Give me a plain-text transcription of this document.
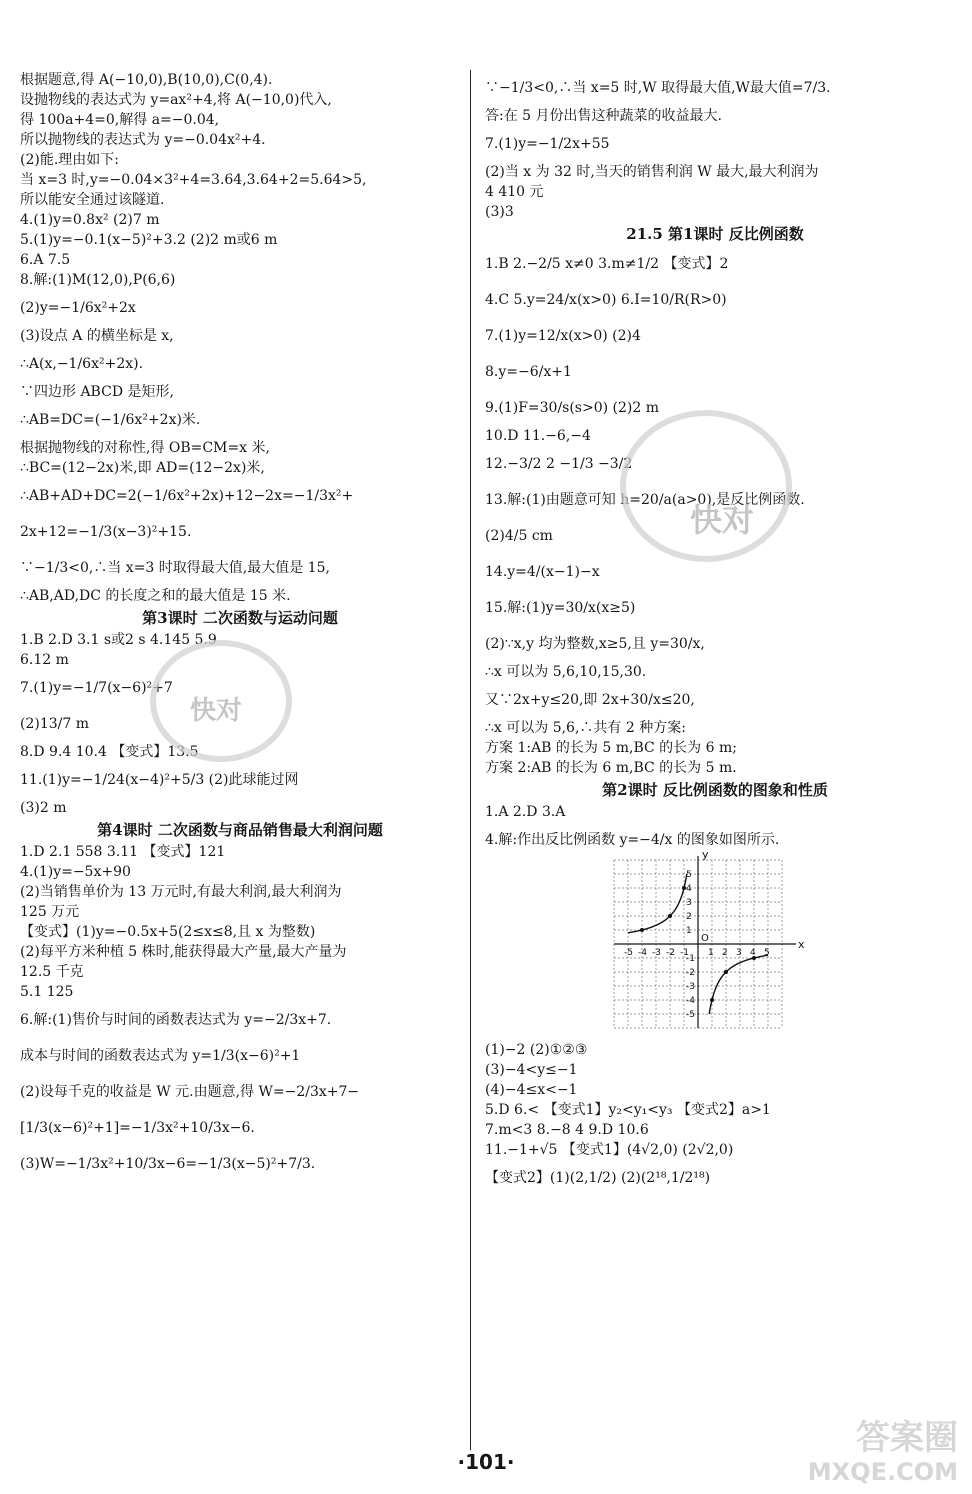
根据题意,得 A(−10,0),B(10,0),C(0,4).
设抛物线的表达式为 y=ax²+4,将 A(−10,0)代入,
得 100a+4=0,解得 a=−0.04,
所以抛物线的表达式为 y=−0.04x²+4.
(2)能.理由如下:
当 x=3 时,y=−0.04×3²+4=3.64,3.64+2=5.64>5,
所以能安全通过该隧道.
4.(1)y=0.8x² (2)7 m
5.(1)y=−0.1(x−5)²+3.2 (2)2 m或6 m
6.A 7.5
8.解:(1)M(12,0),P(6,6)
(2)y=−1/6x²+2x
(3)设点 A 的横坐标是 x,
∴A(x,−1/6x²+2x).
∵四边形 ABCD 是矩形,
∴AB=DC=(−1/6x²+2x)米.
根据抛物线的对称性,得 OB=CM=x 米,
∴BC=(12−2x)米,即 AD=(12−2x)米,
∴AB+AD+DC=2(−1/6x²+2x)+12−2x=−1/3x²+
2x+12=−1/3(x−3)²+15.
∵−1/3<0,∴当 x=3 时取得最大值,最大值是 15,
∴AB,AD,DC 的长度之和的最大值是 15 米.
第3课时 二次函数与运动问题
1.B 2.D 3.1 s或2 s 4.145 5.9
6.12 m
7.(1)y=−1/7(x−6)²+7
(2)13/7 m
8.D 9.4 10.4 【变式】13.5
11.(1)y=−1/24(x−4)²+5/3 (2)此球能过网
(3)2 m
第4课时 二次函数与商品销售最大利润问题
1.D 2.1 558 3.11 【变式】121
4.(1)y=−5x+90
(2)当销售单价为 13 万元时,有最大利润,最大利润为
125 万元
【变式】(1)y=−0.5x+5(2≤x≤8,且 x 为整数)
(2)每平方米种植 5 株时,能获得最大产量,最大产量为
12.5 千克
5.1 125
6.解:(1)售价与时间的函数表达式为 y=−2/3x+7.
成本与时间的函数表达式为 y=1/3(x−6)²+1
(2)设每千克的收益是 W 元.由题意,得 W=−2/3x+7−
[1/3(x−6)²+1]=−1/3x²+10/3x−6.
(3)W=−1/3x²+10/3x−6=−1/3(x−5)²+7/3.
∵−1/3<0,∴当 x=5 时,W 取得最大值,W最大值=7/3.
答:在 5 月份出售这种蔬菜的收益最大.
7.(1)y=−1/2x+55
(2)当 x 为 32 时,当天的销售利润 W 最大,最大利润为
4 410 元
(3)3
21.5 第1课时 反比例函数
1.B 2.−2/5 x≠0 3.m≠1/2 【变式】2
4.C 5.y=24/x(x>0) 6.I=10/R(R>0)
7.(1)y=12/x(x>0) (2)4
8.y=−6/x+1
9.(1)F=30/s(s>0) (2)2 m
10.D 11.−6,−4
12.−3/2 2 −1/3 −3/2
13.解:(1)由题意可知 h=20/a(a>0),是反比例函数.
(2)4/5 cm
14.y=4/(x−1)−x
15.解:(1)y=30/x(x≥5)
(2)∵x,y 均为整数,x≥5,且 y=30/x,
∴x 可以为 5,6,10,15,30.
又∵2x+y≤20,即 2x+30/x≤20,
∴x 可以为 5,6,∴共有 2 种方案:
方案 1:AB 的长为 5 m,BC 的长为 6 m;
方案 2:AB 的长为 6 m,BC 的长为 5 m.
第2课时 反比例函数的图象和性质
1.A 2.D 3.A
4.解:作出反比例函数 y=−4/x 的图象如图所示.
x
y
O
-5
-5
-4
-4
-3
-3
-2
-2
-1
-1
1
1
2
2
3
3
4
4
5
5
(1)−2 (2)①②③
(3)−4<y≤−1
(4)−4≤x<−1
5.D 6.< 【变式1】y₂<y₁<y₃ 【变式2】a>1
7.m<3 8.−8 4 9.D 10.6
11.−1+√5 【变式1】(4√2,0) (2√2,0)
【变式2】(1)(2,1/2) (2)(2¹⁸,1/2¹⁸)
快对
快对
·101·
答案圈
MXQE.COM
